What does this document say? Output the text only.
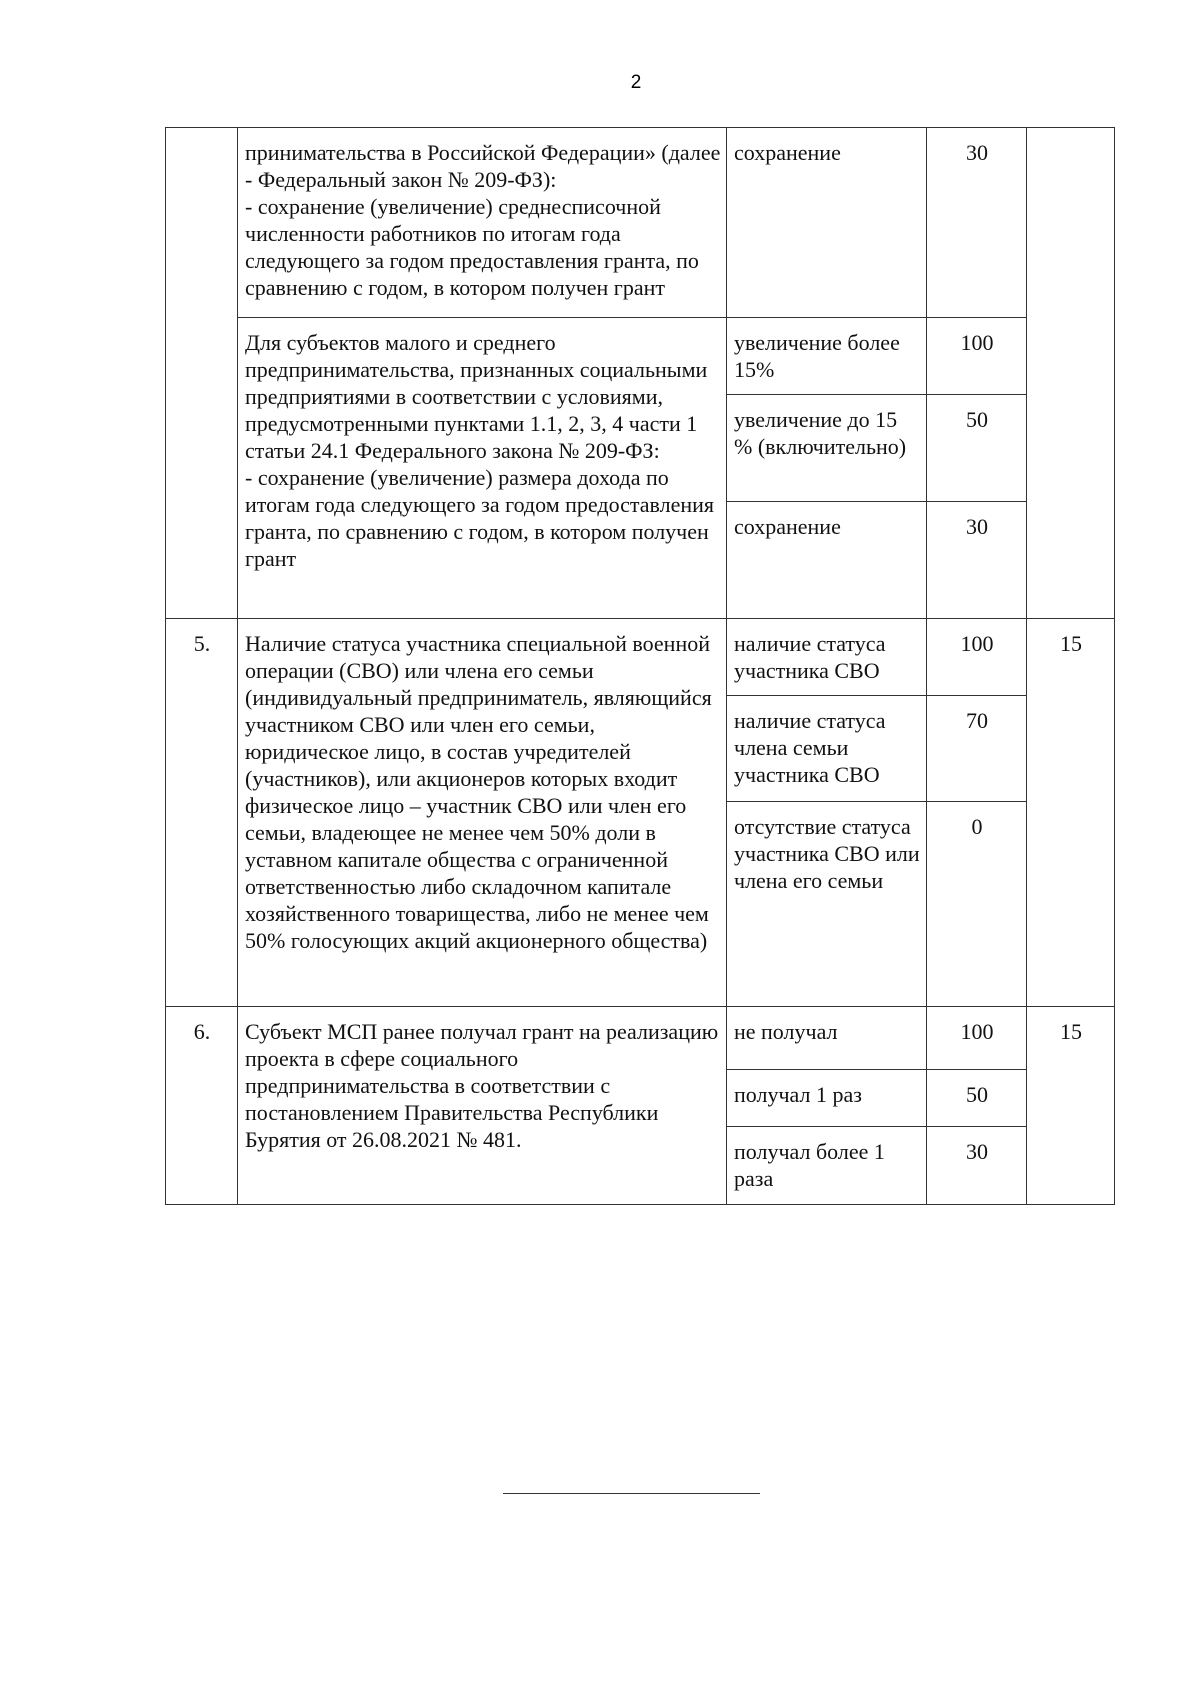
2

	принимательства в Российской Федерации» (далее - Федеральный закон № 209-ФЗ):
- сохранение (увеличение) среднесписочной численности работников по итогам года следующего за годом предоставления гранта, по сравнению с годом, в котором получен грант	сохранение	30	

	Для субъектов малого и среднего предпринимательства, признанных социальными предприятиями в соответствии с условиями, предусмотренными пунктами 1.1, 2, 3, 4 части 1 статьи 24.1 Федерального закона № 209-ФЗ:
- сохранение (увеличение) размера дохода по итогам года следующего за годом предоставления гранта, по сравнению с годом, в котором получен грант	увеличение более 15%	100	
		увеличение до 15 % (включительно)	50	
		сохранение	30	
5.	Наличие статуса участника специальной военной операции (СВО) или члена его семьи (индивидуальный предприниматель, являющийся участником СВО или член его семьи, юридическое лицо, в состав учредителей (участников), или акционеров которых входит физическое лицо – участник СВО или член его семьи, владеющее не менее чем 50% доли в уставном капитале общества с ограниченной ответственностью либо складочном капитале хозяйственного товарищества, либо не менее чем 50% голосующих акций акционерного общества)	наличие статуса участника СВО	100	15
		наличие статуса члена семьи участника СВО	70	
		отсутствие статуса участника СВО или члена его семьи	0	
6.	Субъект МСП ранее получал грант на реализацию проекта в сфере социального предпринимательства в соответствии с постановлением Правительства Республики Бурятия от 26.08.2021 № 481.	не получал	100	15
		получал 1 раз	50	
		получал более 1 раза	30	
